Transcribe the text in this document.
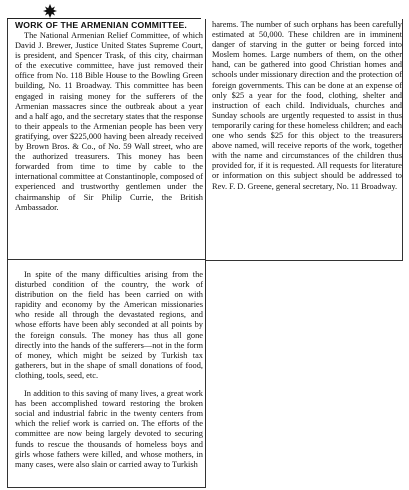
WORK OF THE ARMENIAN COMMITTEE.

The National Armenian Relief Committee, of which David J. Brewer, Justice United States Supreme Court, is president, and Spencer Trask, of this city, chairman of the executive committee, have just removed their office from No. 118 Bible House to the Bowling Green building, No. 11 Broadway. This committee has been engaged in raising money for the sufferers of the Armenian massacres since the outbreak about a year and a half ago, and the secretary states that the response to their appeals to the Armenian people has been very gratifying, over $225,000 having been already received by Brown Bros. & Co., of No. 59 Wall street, who are the authorized treasurers. This money has been forwarded from time to time by cable to the international committee at Constantinople, composed of experienced and trustworthy gentlemen under the chairmanship of Sir Philip Currie, the British Ambassador.

harems. The number of such orphans has been carefully estimated at 50,000. These children are in imminent danger of starving in the gutter or being forced into Moslem homes. Large numbers of them, on the other hand, can be gathered into good Christian homes and schools under missionary direction and the protection of foreign governments. This can be done at an expense of only $25 a year for the food, clothing, shelter and instruction of each child. Individuals, churches and Sunday schools are urgently requested to assist in thus temporarily caring for these homeless children; and each one who sends $25 for this object to the treasurers above named, will receive reports of the work, together with the name and circumstances of the children thus provided for, if it is requested. All requests for literature or information on this subject should be addressed to Rev. F. D. Greene, general secretary, No. 11 Broadway.

In spite of the many difficulties arising from the disturbed condition of the country, the work of distribution on the field has been carried on with rapidity and economy by the American missionaries who reside all through the devastated regions, and whose efforts have been ably seconded at all points by the foreign consuls. The money has thus all gone directly into the hands of the sufferers—not in the form of money, which might be seized by Turkish tax gatherers, but in the shape of small donations of food, clothing, tools, seed, etc.

In addition to this saving of many lives, a great work has been accomplished toward restoring the broken social and industrial fabric in the twenty centers from which the relief work is carried on. The efforts of the committee are now being largely devoted to securing funds to rescue the thousands of homeless boys and girls whose fathers were killed, and whose mothers, in many cases, were also slain or carried away to Turkish
